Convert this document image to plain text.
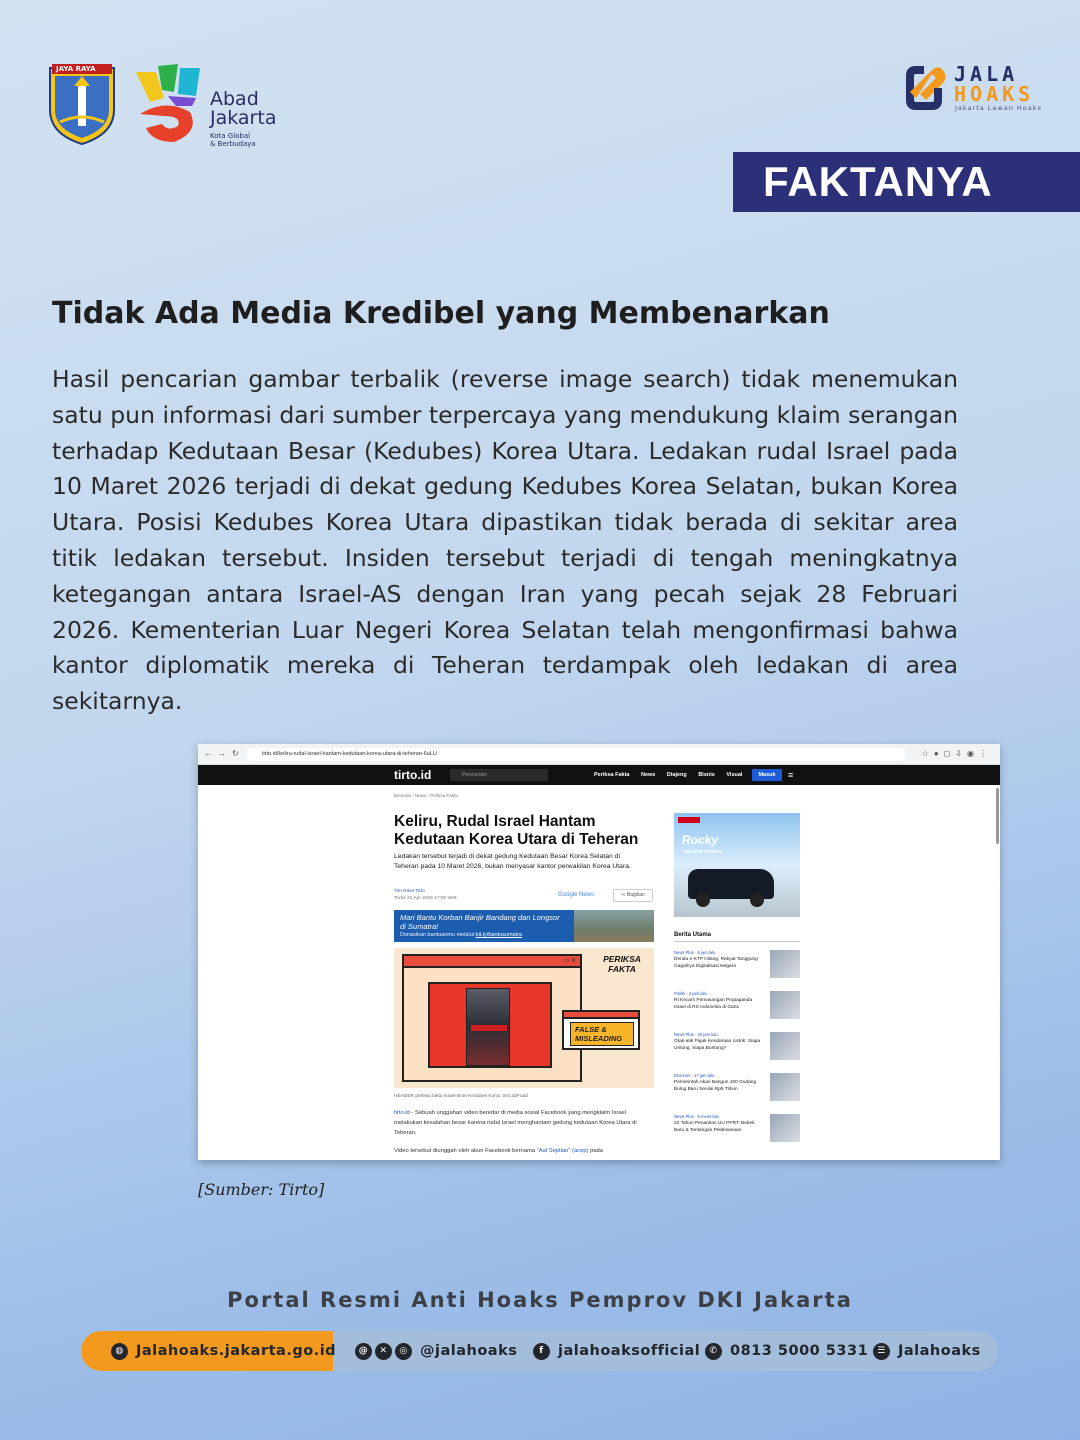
JAYA RAYA
Abad
Jakarta
Kota Global
& Berbudaya
JALA
HOAKS
Jakarta Lawan Hoaks
FAKTANYA
Tidak Ada Media Kredibel yang Membenarkan

Hasil pencarian gambar terbalik (reverse image search) tidak menemukan satu pun informasi dari sumber terpercaya yang mendukung klaim serangan terhadap Kedutaan Besar (Kedubes) Korea Utara. Ledakan rudal Israel pada 10 Maret 2026 terjadi di dekat gedung Kedubes Korea Selatan, bukan Korea Utara. Posisi Kedubes Korea Utara dipastikan tidak berada di sekitar area titik ledakan tersebut. Insiden tersebut terjadi di tengah meningkatnya ketegangan antara Israel-AS dengan Iran yang pecah sejak 28 Februari 2026. Kementerian Luar Negeri Korea Selatan telah mengonfirmasi bahwa kantor diplomatik mereka di Teheran terdampak oleh ledakan di area sekitarnya.

←→↻	tirto.id/keliru-rudal-israel-hantam-kedutaan-korea-utara-di-teheran-6uLU	☆●◻⇩◉⋮
tirto.id	Pencarian	Periksa Fakta News Diajeng Bisnis Visual	Masuk	≡
Beranda › News › Periksa Fakta
Keliru, Rudal Israel Hantam Kedutaan Korea Utara di Teheran
Ledakan tersebut terjadi di dekat gedung Kedutaan Besar Korea Selatan di Teheran pada 10 Maret 2026, bukan menyasar kantor perwakilan Korea Utara.
Tim Riset Tirto
Terbit 22 Apr 2026 17:00 WIB
Google News	⋖ Bagikan
Mari Bantu Korban Banjir Bandang dan Longsor di Sumatra!
Donasikan bantuanmu melalui bit.ly/bantusumatra
▭ ✕	PERIKSA FAKTA
FALSE & MISLEADING
HEADER periksa fakta Israel Bom Kedubes Korut. tirto.id/Fuad
tirto.id - Sebuah unggahan video beredar di media sosial Facebook yang mengklaim Israel melakukan kesalahan besar karena rudal Israel menghantam gedung kedutaan Korea Utara di Teheran.
Video tersebut diunggah oleh akun Facebook bernama "Aal Septian" (arsip) pada
Rocky
BELIEVE IN REAL
Berita Utama
News Plus · 6 jam lalu
Denda e-KTP Hilang, Rakyat Tanggung Gagalnya Digitalisasi Negara
Politik · 2 jam lalu
RI Kecam Pemasangan Propaganda Israel di RS Indonesia di Gaza
News Plus · 20 jam lalu
Otak-atik Pajak Kendaraan Listrik: Siapa Untung, Siapa Buntung?
Ekonomi · 17 jam lalu
Pemerintah Akan Bangun 100 Gudang Bulog Baru Senilai Rp5 Triliun
News Plus · 6 menit lalu
22 Tahun Penantian UU PPRT: Bebek Baru & Tantangan Pelaksanaan
[Sumber: Tirto]
Portal Resmi Anti Hoaks Pemprov DKI Jakarta
◍ Jalahoaks.jakarta.go.id	@	✕	◎ @jalahoaks	f jalahoaksofficial	✆ 0813 5000 5331	☰ Jalahoaks
